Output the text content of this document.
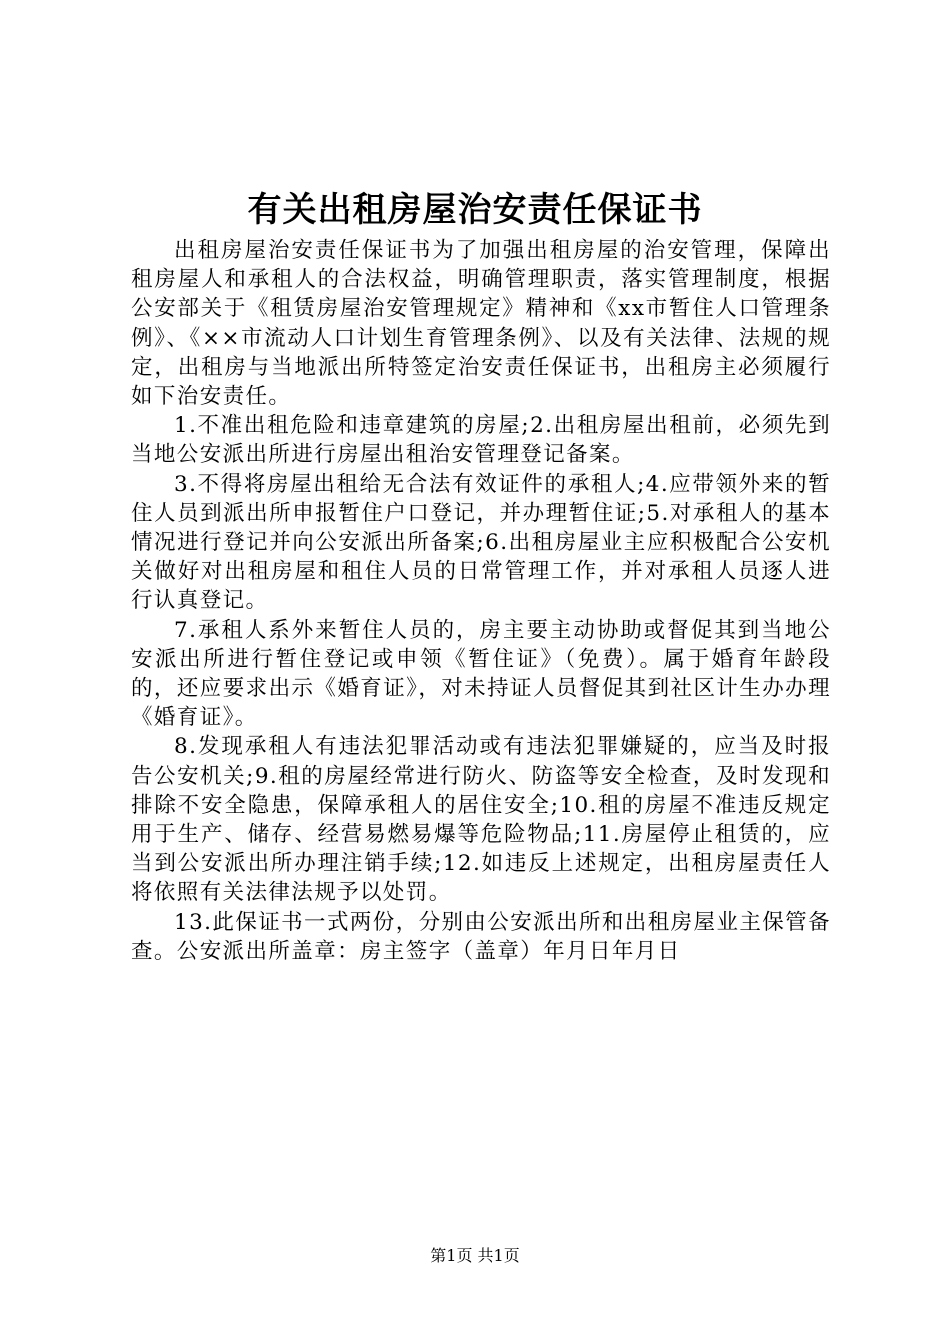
有关出租房屋治安责任保证书

出租房屋治安责任保证书为了加强出租房屋的治安管理，保障出租房屋人和承租人的合法权益，明确管理职责，落实管理制度，根据公安部关于《租赁房屋治安管理规定》精神和《xx市暂住人口管理条例》、《××市流动人口计划生育管理条例》、以及有关法律、法规的规定，出租房与当地派出所特签定治安责任保证书，出租房主必须履行如下治安责任。

1.不准出租危险和违章建筑的房屋;2.出租房屋出租前，必须先到当地公安派出所进行房屋出租治安管理登记备案。

3.不得将房屋出租给无合法有效证件的承租人;4.应带领外来的暂住人员到派出所申报暂住户口登记，并办理暂住证;5.对承租人的基本情况进行登记并向公安派出所备案;6.出租房屋业主应积极配合公安机关做好对出租房屋和租住人员的日常管理工作，并对承租人员逐人进行认真登记。

7.承租人系外来暂住人员的，房主要主动协助或督促其到当地公安派出所进行暂住登记或申领《暂住证》（免费）。属于婚育年龄段的，还应要求出示《婚育证》，对未持证人员督促其到社区计生办办理《婚育证》。

8.发现承租人有违法犯罪活动或有违法犯罪嫌疑的，应当及时报告公安机关;9.租的房屋经常进行防火、防盗等安全检查，及时发现和排除不安全隐患，保障承租人的居住安全;10.租的房屋不准违反规定用于生产、储存、经营易燃易爆等危险物品;11.房屋停止租赁的，应当到公安派出所办理注销手续;12.如违反上述规定，出租房屋责任人将依照有关法律法规予以处罚。

13.此保证书一式两份，分别由公安派出所和出租房屋业主保管备查。公安派出所盖章：房主签字（盖章）年月日年月日

第1页 共1页
